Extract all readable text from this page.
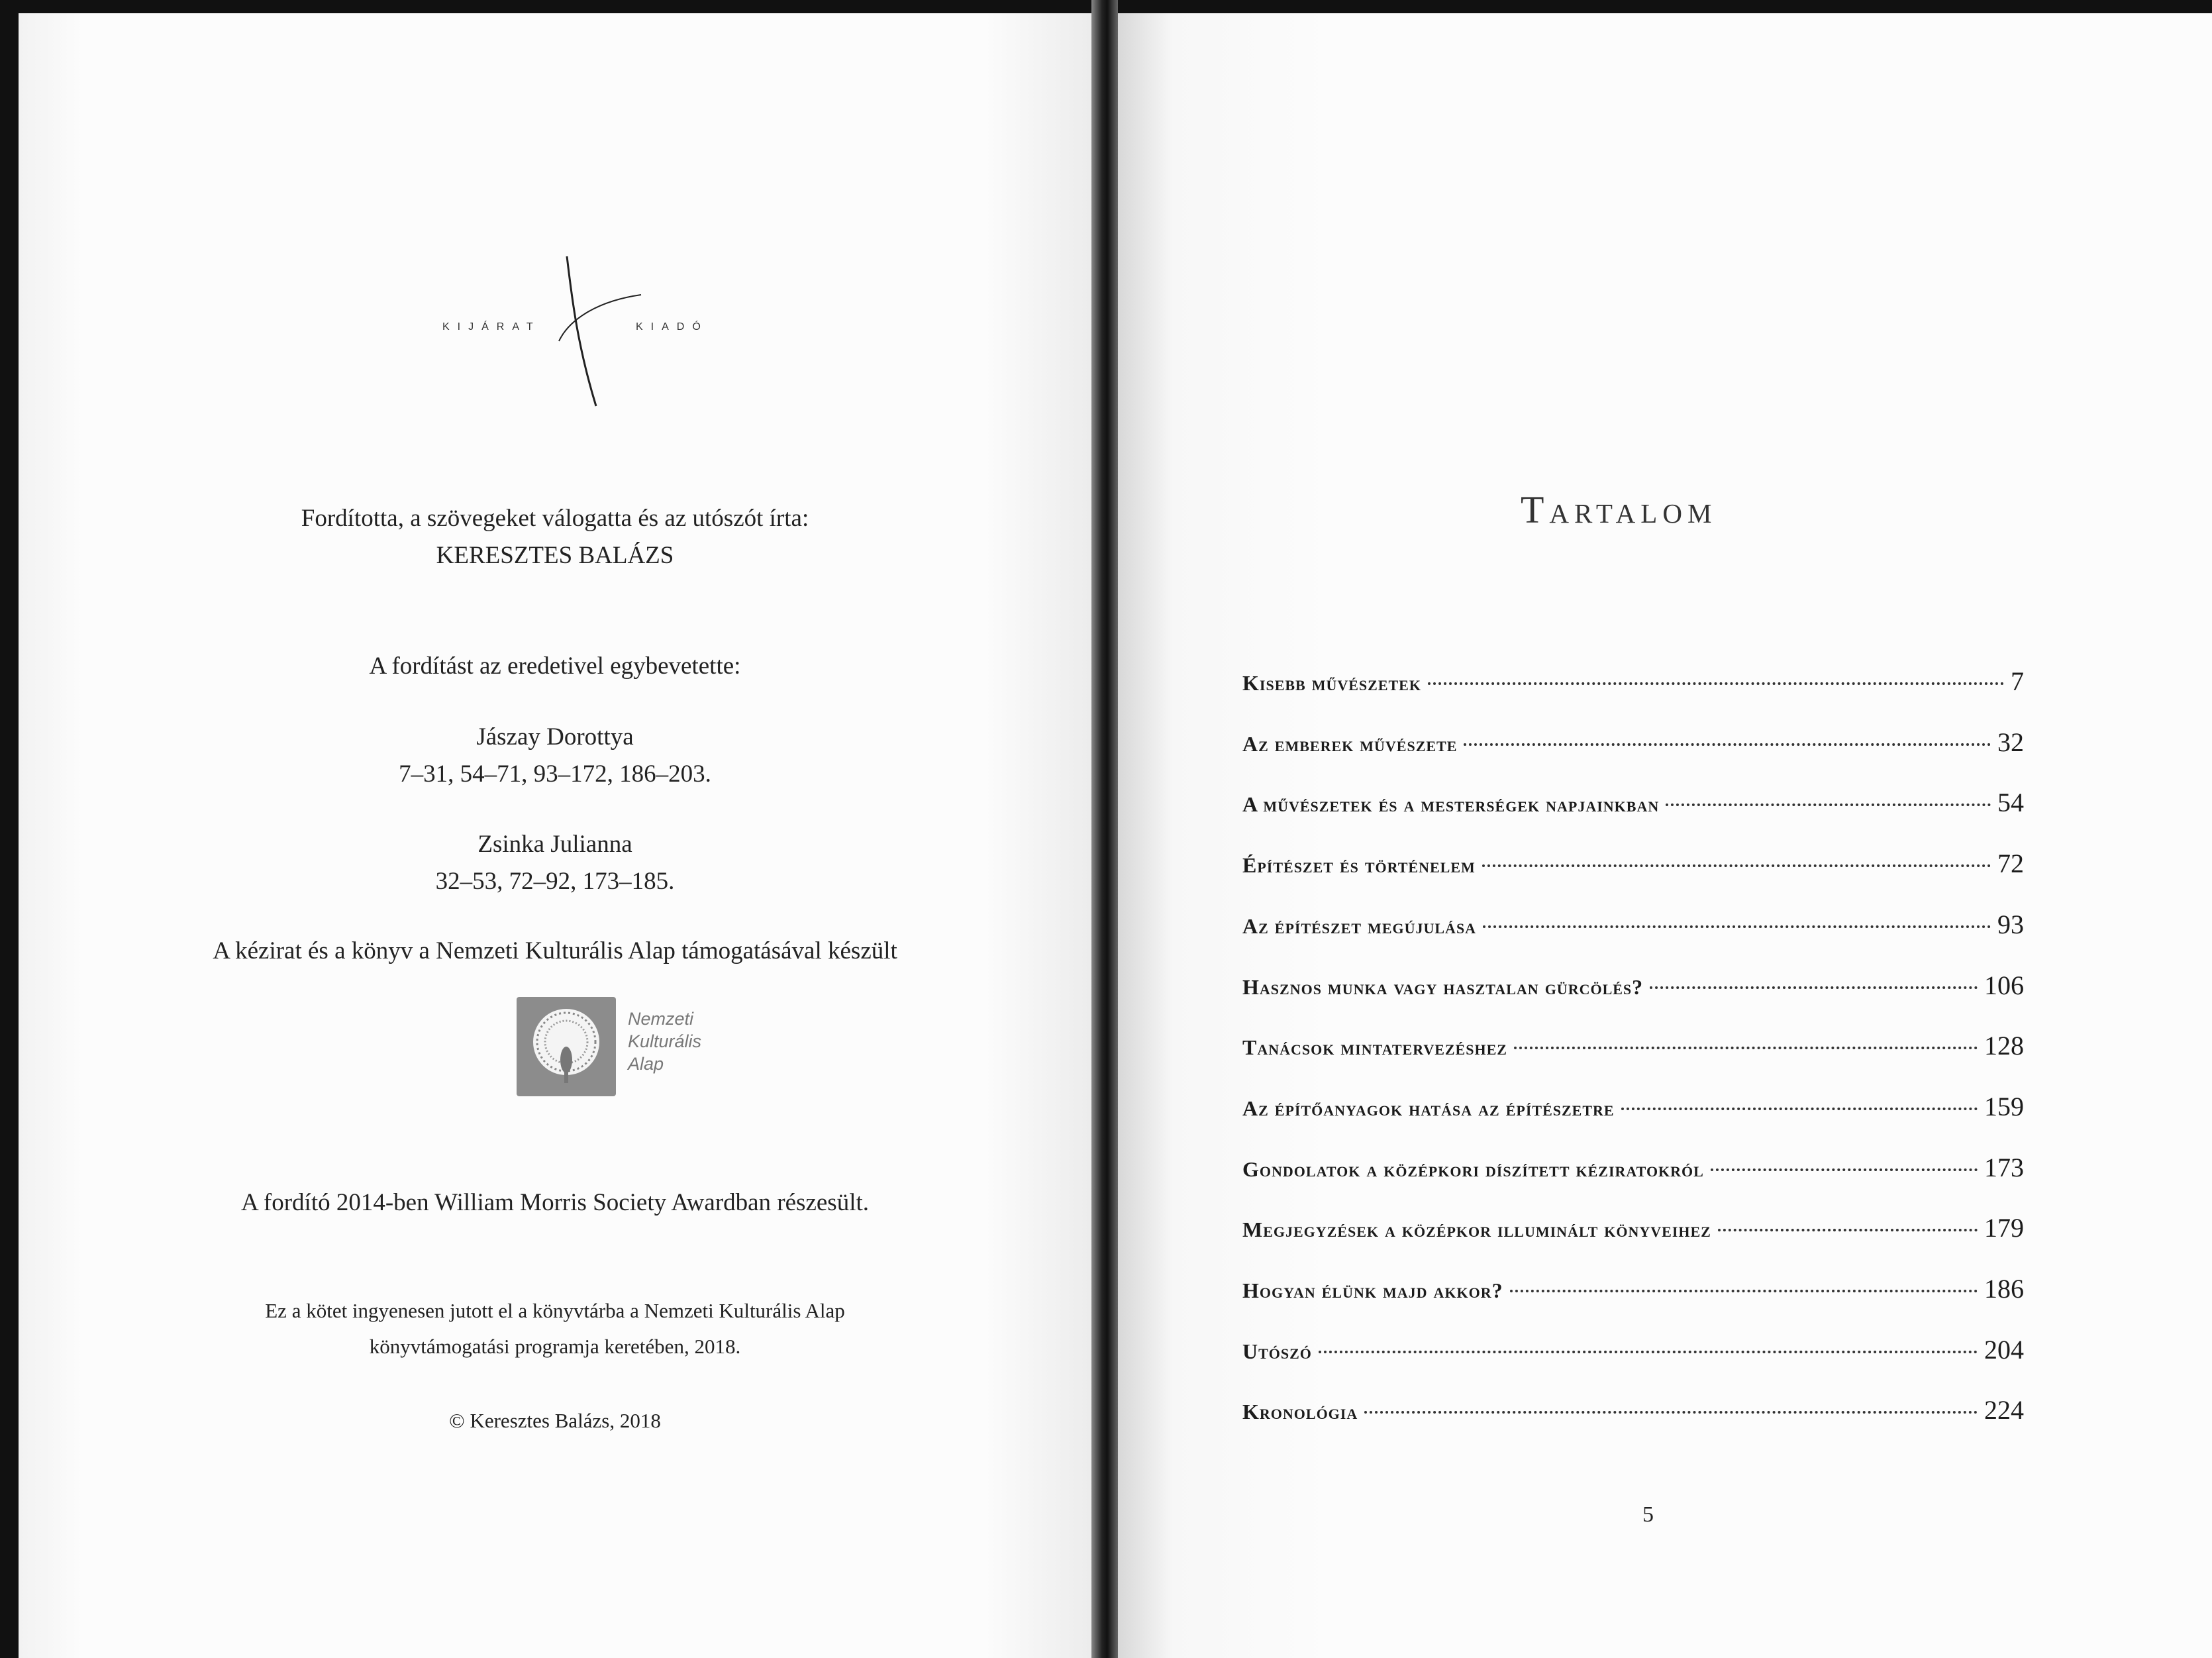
KIJÁRAT	KIADÓ
Fordította, a szövegeket válogatta és az utószót írta:
KERESZTES BALÁZS
A fordítást az eredetivel egybevetette:
Jászay Dorottya
7–31, 54–71, 93–172, 186–203.
Zsinka Julianna
32–53, 72–92, 173–185.
A kézirat és a könyv a Nemzeti Kulturális Alap támogatásával készült
Nemzeti
Kulturális
Alap
A fordító 2014-ben William Morris Society Awardban részesült.
Ez a kötet ingyenesen jutott el a könyvtárba a Nemzeti Kulturális Alap
könyvtámogatási programja keretében, 2018.
© Keresztes Balázs, 2018
Tartalom
Kisebb művészetek	7
Az emberek művészete	32
A művészetek és a mesterségek napjainkban	54
Építészet és történelem	72
Az építészet megújulása	93
Hasznos munka vagy hasztalan gürcölés?	106
Tanácsok mintatervezéshez	128
Az építőanyagok hatása az építészetre	159
Gondolatok a középkori díszített kéziratokról	173
Megjegyzések a középkor illuminált könyveihez	179
Hogyan élünk majd akkor?	186
Utószó	204
Kronológia	224
5
